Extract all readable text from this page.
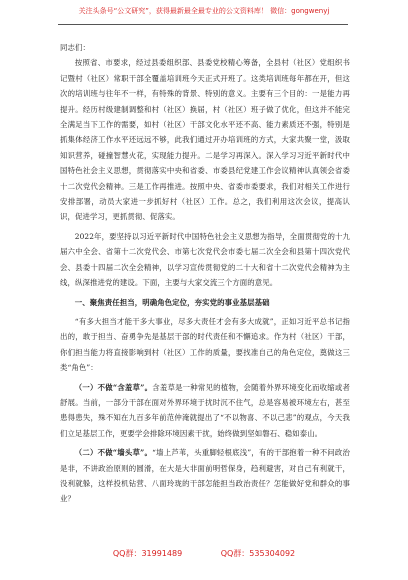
关注头条号“公文研究”，获得最新最全最专业的公文资料库！ 微信：gongwenyj

同志们：

按照省、市要求，经过县委组织部、县委党校精心筹备，全县村（社区）党组织书记暨村（社区）常职干部全覆盖培训班今天正式开班了。这类培训班每年都在开，但这次的培训班与往年不一样，有特殊的背景、特别的意义。主要有三个目的：一是能力再提升。经历村级建制调整和村（社区）换届，村（社区）班子做了优化，但这并不能完全满足当下工作的需要，如村（社区）干部文化水平还不高、能力素质还不强，特别是抓集体经济工作水平还远远不够，此我们通过开办培训班的方式，大家共聚一堂，汲取知识营养，碰撞智慧火花，实现能力提升。二是学习再深入。深入学习习近平新时代中国特色社会主义思想，贯彻落实中央和省委、市委县纪党建工作会议精神认真领会省委十二次党代会精神。三是工作再推进。按照中央、省委市委要求，我们对相关工作进行安排部署，动员大家进一步抓好村（社区）工作。总之，我们利用这次会议，提高认识，促进学习，更抓贯彻、促落实。

2022年，要坚持以习近平新时代中国特色社会主义思想为指导，全面贯彻党的十九届六中全会、省第十二次党代会、市第七次党代会市委七届二次全会和县第十四次党代会、县委十四届二次全会精神，以学习宣传贯彻党的二十大和省十二次党代会精神为主线，纵深推进党的建设。下面，主要与大家交流三个方面的意见。

一、聚焦责任担当，明确角色定位，夯实党的事业基层基础

“有多大担当才能干多大事业，尽多大责任才会有多大成就”，正如习近平总书记指出的，敢于担当、奋勇争先是基层干部的时代责任和不懈追求。作为村（社区）干部，你们担当能力将直接影响到村（社区）工作的质量，要找准自己的角色定位，奠做这三类“角色”：

（一）不做“含羞草”。含羞草是一种常见的植物，会随着外界环境变化而收缩或者舒展。当前，一部分干部在面对外界环境于扰时沉不住气，总是容易被环境左右，甚至患得患失，殊不知在九百多年前范仲淹就提出了“不以物喜、不以己悲”的观点，今天我们立足基层工作，更要学会排除环境因素干扰，始终做到坚如磐石、稳如泰山。

（二）不做“墙头草”。“墙上芦苇，头重脚轻根底浅”，有的干部抱着一种不问政治是非，不讲政治原则的圆滑，在大是大非面前明哲保身，趋利避害，对自己有利就干，没利就躲，这样投机钻营、八面玲珑的干部怎能担当政治责任？怎能做好党和群众的事业？

QQ群：31991489	QQ群：535304092
